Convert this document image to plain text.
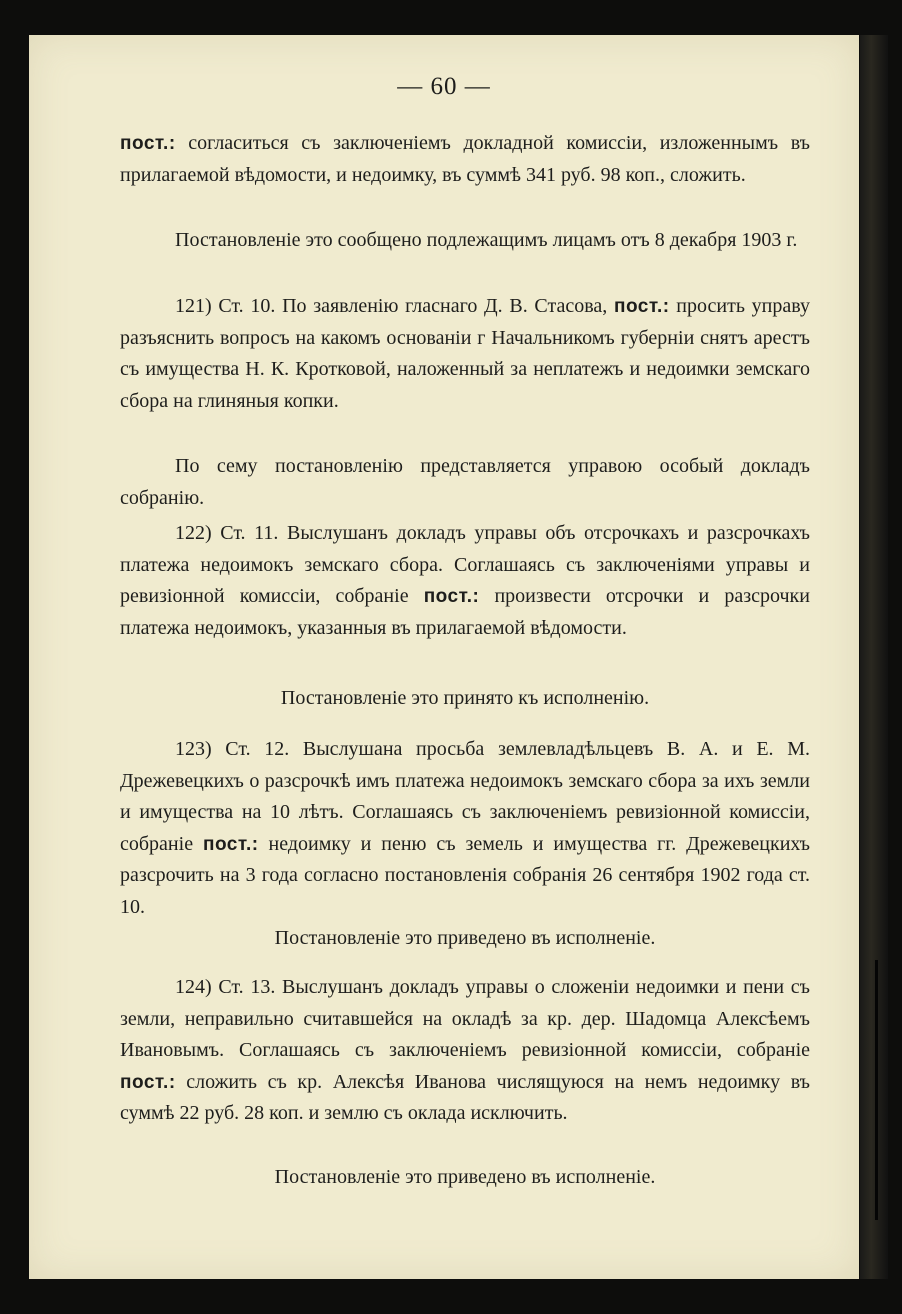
— 60 —
пост.: согласиться съ заключенiемъ докладной комиссiи, изложеннымъ въ прилагаемой вѣдомости, и недоимку, въ суммѣ 341 руб. 98 коп., сложить.
Постановленiе это сообщено подлежащимъ лицамъ отъ 8 декабря 1903 г.
121) Ст. 10. По заявленiю гласнаго Д. В. Стасова, пост.: просить управу разъяснить вопросъ на какомъ основанiи г Начальникомъ губернiи снятъ арестъ съ имущества Н. К. Кротковой, наложенный за неплатежъ и недоимки земскаго сбора на глиняныя копки.
По сему постановленiю представляется управою особый докладъ собранiю.
122) Ст. 11. Выслушанъ докладъ управы объ отсрочкахъ и разсрочкахъ платежа недоимокъ земскаго сбора. Соглашаясь съ заключенiями управы и ревизiонной комиссiи, собранiе пост.: произвести отсрочки и разсрочки платежа недоимокъ, указанныя въ прилагаемой вѣдомости.
Постановленiе это принято къ исполненiю.
123) Ст. 12. Выслушана просьба землевладѣльцевъ В. А. и Е. М. Дрежевецкихъ о разсрочкѣ имъ платежа недоимокъ земскаго сбора за ихъ земли и имущества на 10 лѣтъ. Соглашаясь съ заключенiемъ ревизiонной комиссiи, собранiе пост.: недоимку и пеню съ земель и имущества гг. Дрежевецкихъ разсрочить на 3 года согласно постановленiя собранiя 26 сентября 1902 года ст. 10.
Постановленiе это приведено въ исполненiе.
124) Ст. 13. Выслушанъ докладъ управы о сложенiи недоимки и пени съ земли, неправильно считавшейся на окладѣ за кр. дер. Шадомца Алексѣемъ Ивановымъ. Соглашаясь съ заключенiемъ ревизiонной комиссiи, собранiе пост.: сложить съ кр. Алексѣя Иванова числящуюся на немъ недоимку въ суммѣ 22 руб. 28 коп. и землю съ оклада исключить.
Постановленiе это приведено въ исполненiе.
